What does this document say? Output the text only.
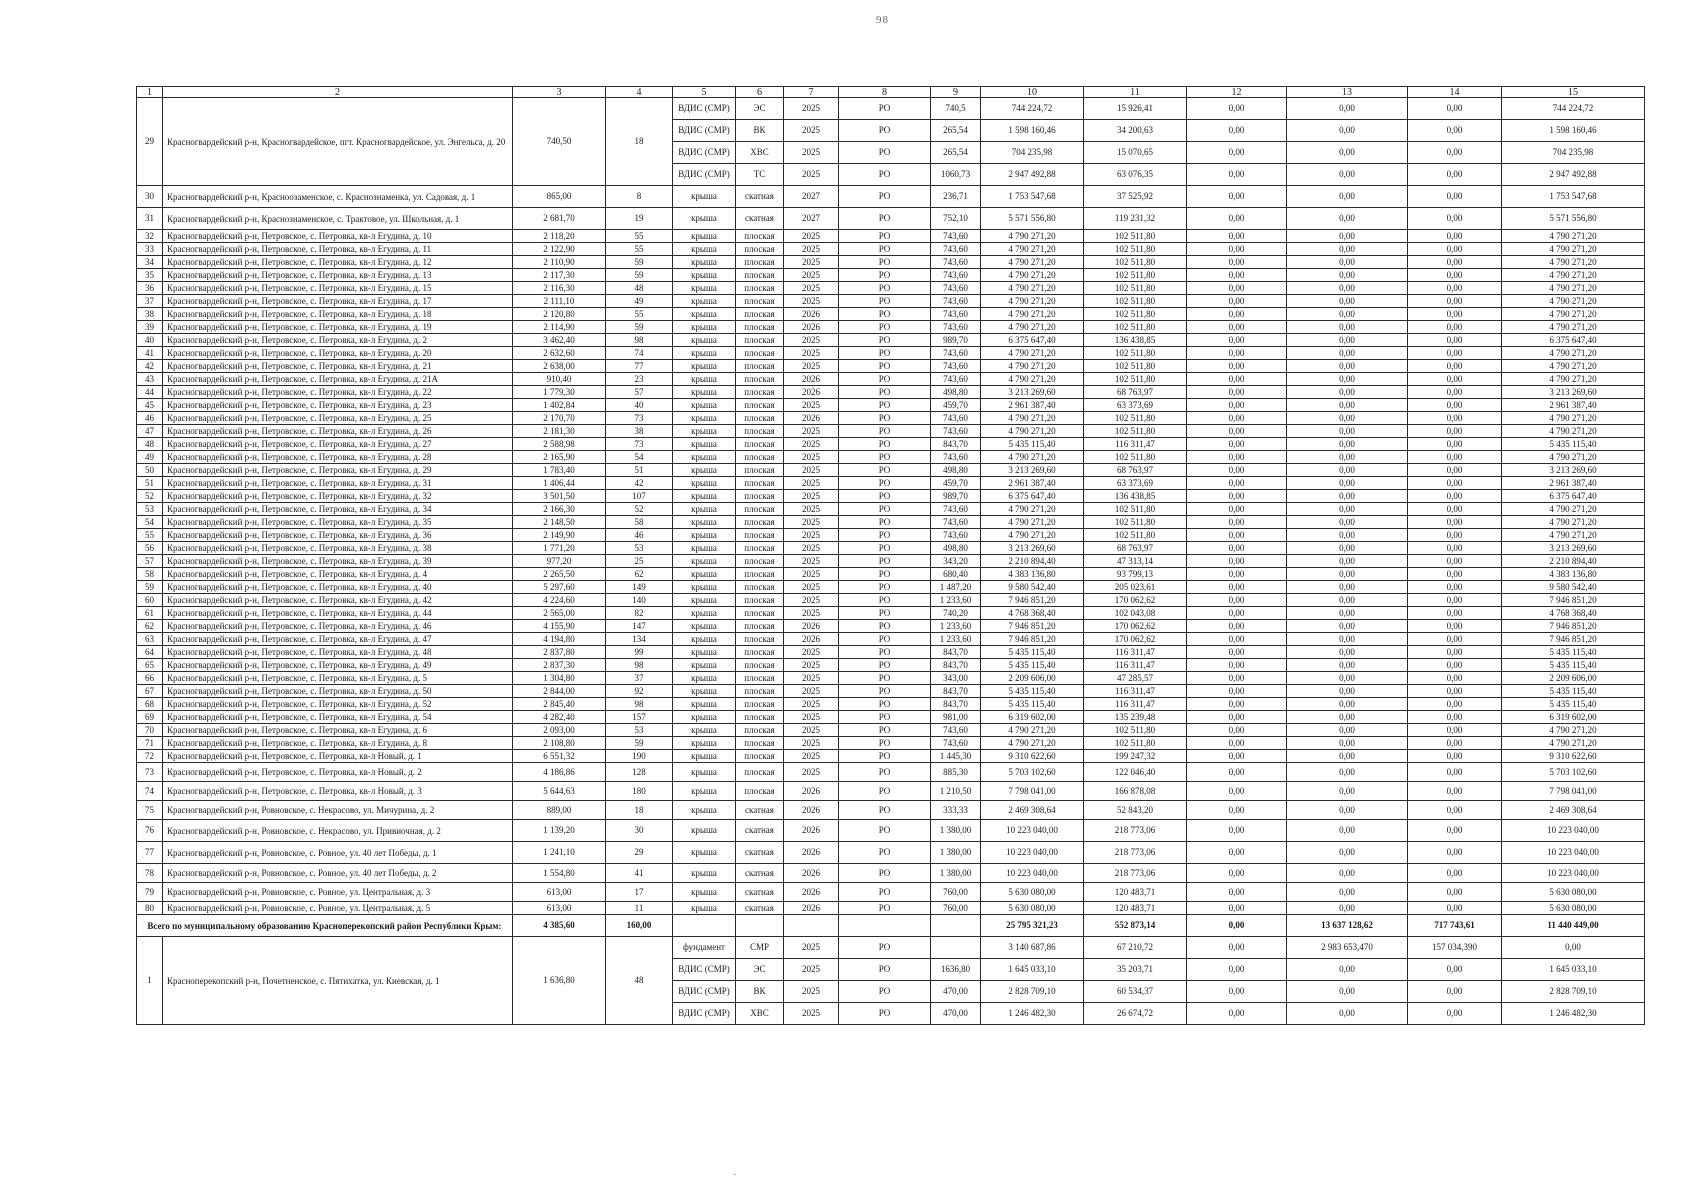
98
1	2	3	4	5	6	7	8	9	10	11	12	13	14	15
29	Красногвардейский р-н, Красногвардейское, пгт. Красногвардейское, ул. Энгельса, д. 20	740,50	18	ВДИС (СМР)	ЭС	2025	РО	740,5	744 224,72	15 926,41	0,00	0,00	0,00	744 224,72
				ВДИС (СМР)	ВК	2025	РО	265,54	1 598 160,46	34 200,63	0,00	0,00	0,00	1 598 160,46
				ВДИС (СМР)	ХВС	2025	РО	265,54	704 235,98	15 070,65	0,00	0,00	0,00	704 235,98
				ВДИС (СМР)	ТС	2025	РО	1060,73	2 947 492,88	63 076,35	0,00	0,00	0,00	2 947 492,88
30	Красногвардейский р-н, Красноозаменское, с. Краснознаменка, ул. Садовая, д. 1	865,00	8	крыша	скатная	2027	РО	236,71	1 753 547,68	37 525,92	0,00	0,00	0,00	1 753 547,68
31	Красногвардейский р-н, Краснознаменское, с. Трактовое, ул. Школьная, д. 1	2 681,70	19	крыша	скатная	2027	РО	752,10	5 571 556,80	119 231,32	0,00	0,00	0,00	5 571 556,80
32	Красногвардейский р-н, Петровское, с. Петровка, кв-л Егудина, д. 10	2 118,20	55	крыша	плоская	2025	РО	743,60	4 790 271,20	102 511,80	0,00	0,00	0,00	4 790 271,20
33	Красногвардейский р-н, Петровское, с. Петровка, кв-л Егудина, д. 11	2 122,90	55	крыша	плоская	2025	РО	743,60	4 790 271,20	102 511,80	0,00	0,00	0,00	4 790 271,20
34	Красногвардейский р-н, Петровское, с. Петровка, кв-л Егудина, д. 12	2 110,90	59	крыша	плоская	2025	РО	743,60	4 790 271,20	102 511,80	0,00	0,00	0,00	4 790 271,20
35	Красногвардейский р-н, Петровское, с. Петровка, кв-л Егудина, д. 13	2 117,30	59	крыша	плоская	2025	РО	743,60	4 790 271,20	102 511,80	0,00	0,00	0,00	4 790 271,20
36	Красногвардейский р-н, Петровское, с. Петровка, кв-л Егудина, д. 15	2 116,30	48	крыша	плоская	2025	РО	743,60	4 790 271,20	102 511,80	0,00	0,00	0,00	4 790 271,20
37	Красногвардейский р-н, Петровское, с. Петровка, кв-л Егудина, д. 17	2 111,10	49	крыша	плоская	2025	РО	743,60	4 790 271,20	102 511,80	0,00	0,00	0,00	4 790 271,20
38	Красногвардейский р-н, Петровское, с. Петровка, кв-л Егудина, д. 18	2 120,80	55	крыша	плоская	2026	РО	743,60	4 790 271,20	102 511,80	0,00	0,00	0,00	4 790 271,20
39	Красногвардейский р-н, Петровское, с. Петровка, кв-л Егудина, д. 19	2 114,90	59	крыша	плоская	2026	РО	743,60	4 790 271,20	102 511,80	0,00	0,00	0,00	4 790 271,20
40	Красногвардейский р-н, Петровское, с. Петровка, кв-л Егудина, д. 2	3 462,40	98	крыша	плоская	2025	РО	989,70	6 375 647,40	136 438,85	0,00	0,00	0,00	6 375 647,40
41	Красногвардейский р-н, Петровское, с. Петровка, кв-л Егудина, д. 20	2 632,60	74	крыша	плоская	2025	РО	743,60	4 790 271,20	102 511,80	0,00	0,00	0,00	4 790 271,20
42	Красногвардейский р-н, Петровское, с. Петровка, кв-л Егудина, д. 21	2 638,00	77	крыша	плоская	2025	РО	743,60	4 790 271,20	102 511,80	0,00	0,00	0,00	4 790 271,20
43	Красногвардейский р-н, Петровское, с. Петровка, кв-л Егудина, д. 21А	910,40	23	крыша	плоская	2026	РО	743,60	4 790 271,20	102 511,80	0,00	0,00	0,00	4 790 271,20
44	Красногвардейский р-н, Петровское, с. Петровка, кв-л Егудина, д. 22	1 779,30	57	крыша	плоская	2026	РО	498,80	3 213 269,60	68 763,97	0,00	0,00	0,00	3 213 269,60
45	Красногвардейский р-н, Петровское, с. Петровка, кв-л Егудина, д. 23	1 402,84	40	крыша	плоская	2025	РО	459,70	2 961 387,40	63 373,69	0,00	0,00	0,00	2 961 387,40
46	Красногвардейский р-н, Петровское, с. Петровка, кв-л Егудина, д. 25	2 170,70	73	крыша	плоская	2026	РО	743,60	4 790 271,20	102 511,80	0,00	0,00	0,00	4 790 271,20
47	Красногвардейский р-н, Петровское, с. Петровка, кв-л Егудина, д. 26	2 181,30	38	крыша	плоская	2025	РО	743,60	4 790 271,20	102 511,80	0,00	0,00	0,00	4 790 271,20
48	Красногвардейский р-н, Петровское, с. Петровка, кв-л Егудина, д. 27	2 588,98	73	крыша	плоская	2025	РО	843,70	5 435 115,40	116 311,47	0,00	0,00	0,00	5 435 115,40
49	Красногвардейский р-н, Петровское, с. Петровка, кв-л Егудина, д. 28	2 165,90	54	крыша	плоская	2025	РО	743,60	4 790 271,20	102 511,80	0,00	0,00	0,00	4 790 271,20
50	Красногвардейский р-н, Петровское, с. Петровка, кв-л Егудина, д. 29	1 783,40	51	крыша	плоская	2025	РО	498,80	3 213 269,60	68 763,97	0,00	0,00	0,00	3 213 269,60
51	Красногвардейский р-н, Петровское, с. Петровка, кв-л Егудина, д. 31	1 406,44	42	крыша	плоская	2025	РО	459,70	2 961 387,40	63 373,69	0,00	0,00	0,00	2 961 387,40
52	Красногвардейский р-н, Петровское, с. Петровка, кв-л Егудина, д. 32	3 501,50	107	крыша	плоская	2025	РО	989,70	6 375 647,40	136 438,85	0,00	0,00	0,00	6 375 647,40
53	Красногвардейский р-н, Петровское, с. Петровка, кв-л Егудина, д. 34	2 166,30	52	крыша	плоская	2025	РО	743,60	4 790 271,20	102 511,80	0,00	0,00	0,00	4 790 271,20
54	Красногвардейский р-н, Петровское, с. Петровка, кв-л Егудина, д. 35	2 148,50	58	крыша	плоская	2025	РО	743,60	4 790 271,20	102 511,80	0,00	0,00	0,00	4 790 271,20
55	Красногвардейский р-н, Петровское, с. Петровка, кв-л Егудина, д. 36	2 149,90	46	крыша	плоская	2025	РО	743,60	4 790 271,20	102 511,80	0,00	0,00	0,00	4 790 271,20
56	Красногвардейский р-н, Петровское, с. Петровка, кв-л Егудина, д. 38	1 771,20	53	крыша	плоская	2025	РО	498,80	3 213 269,60	68 763,97	0,00	0,00	0,00	3 213 269,60
57	Красногвардейский р-н, Петровское, с. Петровка, кв-л Егудина, д. 39	977,20	25	крыша	плоская	2025	РО	343,20	2 210 894,40	47 313,14	0,00	0,00	0,00	2 210 894,40
58	Красногвардейский р-н, Петровское, с. Петровка, кв-л Егудина, д. 4	2 265,50	62	крыша	плоская	2025	РО	680,40	4 383 136,80	93 799,13	0,00	0,00	0,00	4 383 136,80
59	Красногвардейский р-н, Петровское, с. Петровка, кв-л Егудина, д. 40	5 297,60	149	крыша	плоская	2025	РО	1 487,20	9 580 542,40	205 023,61	0,00	0,00	0,00	9 580 542,40
60	Красногвардейский р-н, Петровское, с. Петровка, кв-л Егудина, д. 42	4 224,60	140	крыша	плоская	2025	РО	1 233,60	7 946 851,20	170 062,62	0,00	0,00	0,00	7 946 851,20
61	Красногвардейский р-н, Петровское, с. Петровка, кв-л Егудина, д. 44	2 565,00	82	крыша	плоская	2025	РО	740,20	4 768 368,40	102 043,08	0,00	0,00	0,00	4 768 368,40
62	Красногвардейский р-н, Петровское, с. Петровка, кв-л Егудина, д. 46	4 155,90	147	крыша	плоская	2026	РО	1 233,60	7 946 851,20	170 062,62	0,00	0,00	0,00	7 946 851,20
63	Красногвардейский р-н, Петровское, с. Петровка, кв-л Егудина, д. 47	4 194,80	134	крыша	плоская	2026	РО	1 233,60	7 946 851,20	170 062,62	0,00	0,00	0,00	7 946 851,20
64	Красногвардейский р-н, Петровское, с. Петровка, кв-л Егудина, д. 48	2 837,80	99	крыша	плоская	2025	РО	843,70	5 435 115,40	116 311,47	0,00	0,00	0,00	5 435 115,40
65	Красногвардейский р-н, Петровское, с. Петровка, кв-л Егудина, д. 49	2 837,30	98	крыша	плоская	2025	РО	843,70	5 435 115,40	116 311,47	0,00	0,00	0,00	5 435 115,40
66	Красногвардейский р-н, Петровское, с. Петровка, кв-л Егудина, д. 5	1 304,80	37	крыша	плоская	2025	РО	343,00	2 209 606,00	47 285,57	0,00	0,00	0,00	2 209 606,00
67	Красногвардейский р-н, Петровское, с. Петровка, кв-л Егудина, д. 50	2 844,00	92	крыша	плоская	2025	РО	843,70	5 435 115,40	116 311,47	0,00	0,00	0,00	5 435 115,40
68	Красногвардейский р-н, Петровское, с. Петровка, кв-л Егудина, д. 52	2 845,40	98	крыша	плоская	2025	РО	843,70	5 435 115,40	116 311,47	0,00	0,00	0,00	5 435 115,40
69	Красногвардейский р-н, Петровское, с. Петровка, кв-л Егудина, д. 54	4 282,40	157	крыша	плоская	2025	РО	981,00	6 319 602,00	135 239,48	0,00	0,00	0,00	6 319 602,00
70	Красногвардейский р-н, Петровское, с. Петровка, кв-л Егудина, д. 6	2 093,00	53	крыша	плоская	2025	РО	743,60	4 790 271,20	102 511,80	0,00	0,00	0,00	4 790 271,20
71	Красногвардейский р-н, Петровское, с. Петровка, кв-л Егудина, д. 8	2 108,80	59	крыша	плоская	2025	РО	743,60	4 790 271,20	102 511,80	0,00	0,00	0,00	4 790 271,20
72	Красногвардейский р-н, Петровское, с. Петровка, кв-л Новый, д. 1	6 551,32	190	крыша	плоская	2025	РО	1 445,30	9 310 622,60	199 247,32	0,00	0,00	0,00	9 310 622,60
73	Красногвардейский р-н, Петровское, с. Петровка, кв-л Новый, д. 2	4 186,86	128	крыша	плоская	2025	РО	885,30	5 703 102,60	122 046,40	0,00	0,00	0,00	5 703 102,60
74	Красногвардейский р-н, Петровское, с. Петровка, кв-л Новый, д. 3	5 644,63	180	крыша	плоская	2026	РО	1 210,50	7 798 041,00	166 878,08	0,00	0,00	0,00	7 798 041,00
75	Красногвардейский р-н, Ровновское, с. Некрасово, ул. Мичурина, д. 2	889,00	18	крыша	скатная	2026	РО	333,33	2 469 308,64	52 843,20	0,00	0,00	0,00	2 469 308,64
76	Красногвардейский р-н, Ровновское, с. Некрасово, ул. Привиочная, д. 2	1 139,20	30	крыша	скатная	2026	РО	1 380,00	10 223 040,00	218 773,06	0,00	0,00	0,00	10 223 040,00
77	Красногвардейский р-н, Ровновское, с. Ровное, ул. 40 лет Победы, д. 1	1 241,10	29	крыша	скатная	2026	РО	1 380,00	10 223 040,00	218 773,06	0,00	0,00	0,00	10 223 040,00
78	Красногвардейский р-н, Ровновское, с. Ровное, ул. 40 лет Победы, д. 2	1 554,80	41	крыша	скатная	2026	РО	1 380,00	10 223 040,00	218 773,06	0,00	0,00	0,00	10 223 040,00
79	Красногвардейский р-н, Ровновское, с. Ровное, ул. Центральная, д. 3	613,00	17	крыша	скатная	2026	РО	760,00	5 630 080,00	120 483,71	0,00	0,00	0,00	5 630 080,00
80	Красногвардейский р-н, Ровновское, с. Ровное, ул. Центральная, д. 5	613,00	11	крыша	скатная	2026	РО	760,00	5 630 080,00	120 483,71	0,00	0,00	0,00	5 630 080,00
Всего по муниципальному образованию Красноперекопский район Республики Крым:		4 385,60	160,00						25 795 321,23	552 873,14	0,00	13 637 128,62	717 743,61	11 440 449,00
1	Красноперекопский р-н, Почетненское, с. Пятихатка, ул. Киевская, д. 1	1 636,80	48	фундамент	СМР	2025	РО		3 140 687,86	67 210,72	0,00	2 983 653,470	157 034,390	0,00
				ВДИС (СМР)	ЭС	2025	РО	1636,80	1 645 033,10	35 203,71	0,00	0,00	0,00	1 645 033,10
				ВДИС (СМР)	ВК	2025	РО	470,00	2 828 709,10	60 534,37	0,00	0,00	0,00	2 828 709,10
				ВДИС (СМР)	ХВС	2025	РО	470,00	1 246 482,30	26 674,72	0,00	0,00	0,00	1 246 482,30
·
